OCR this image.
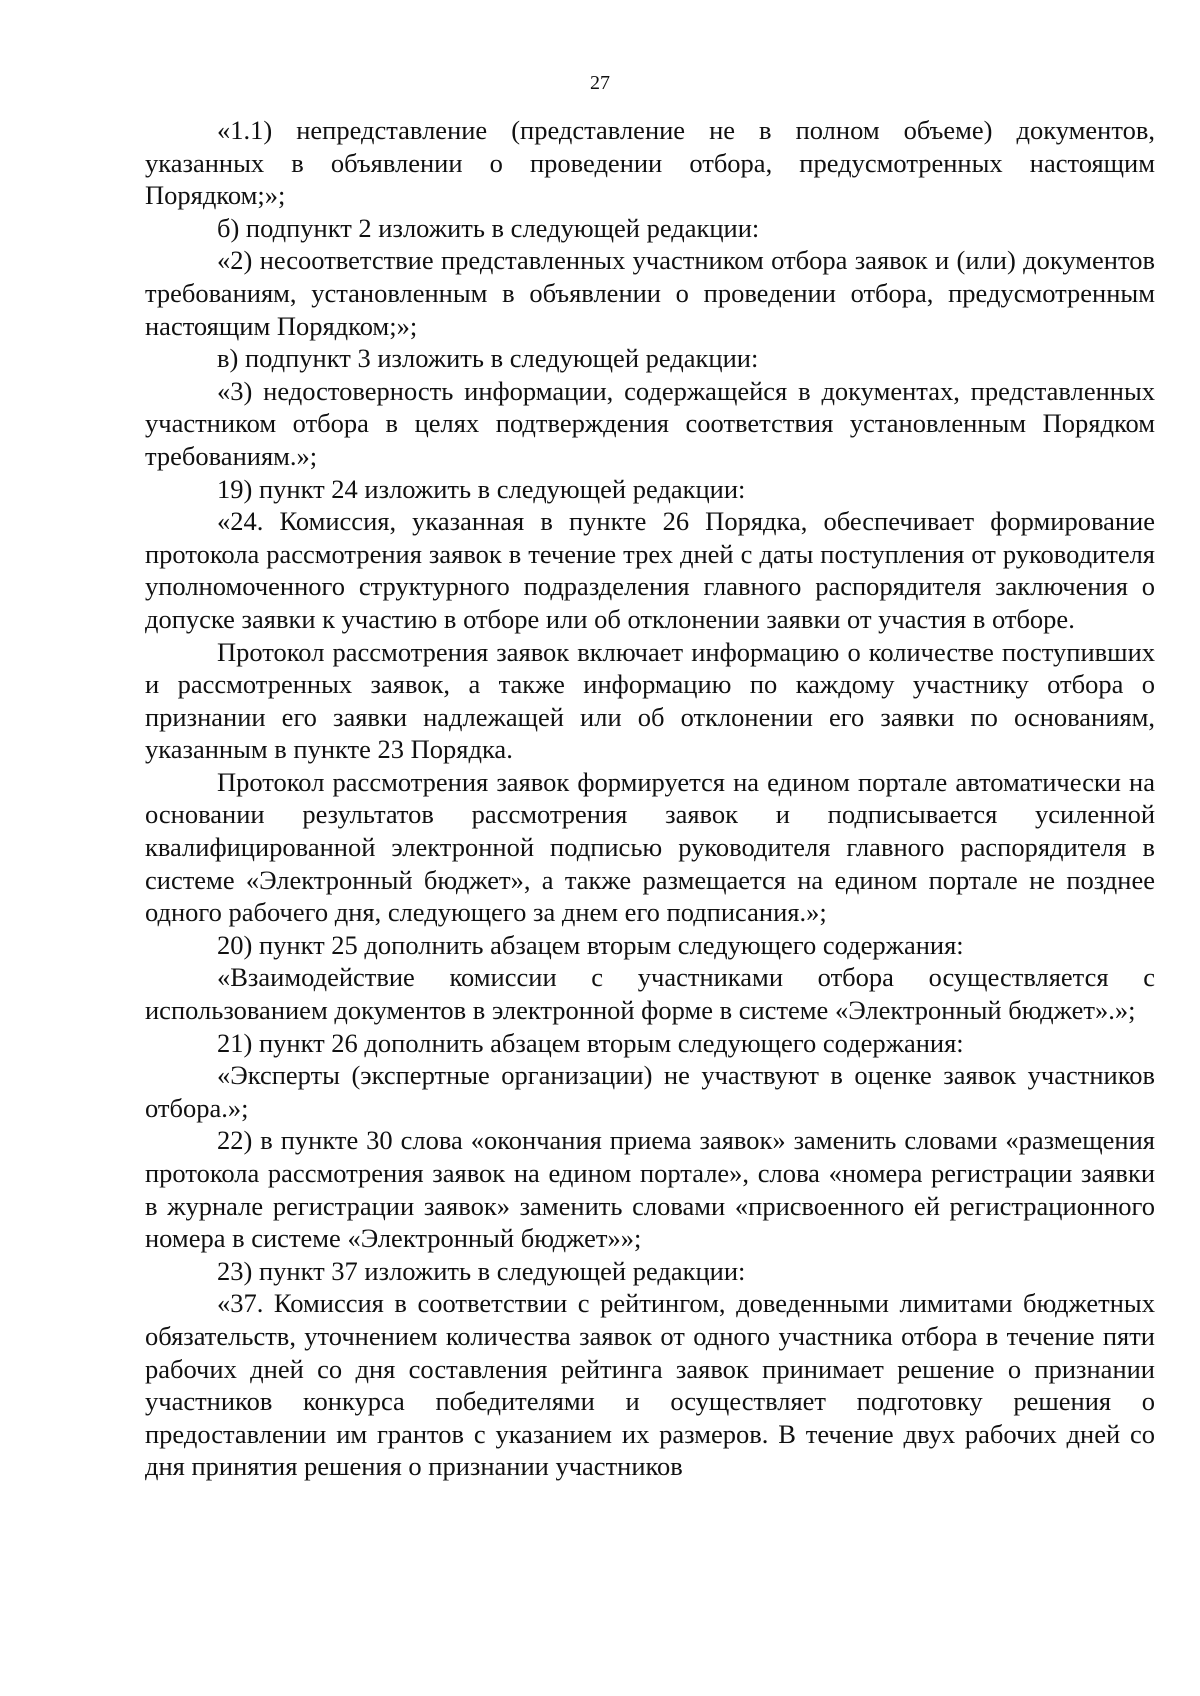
27

«1.1) непредставление (представление не в полном объеме) документов, указанных в объявлении о проведении отбора, предусмотренных настоящим Порядком;»;

б) подпункт 2 изложить в следующей редакции:

«2) несоответствие представленных участником отбора заявок и (или) документов требованиям, установленным в объявлении о проведении отбора, предусмотренным настоящим Порядком;»;

в) подпункт 3 изложить в следующей редакции:

«3) недостоверность информации, содержащейся в документах, представленных участником отбора в целях подтверждения соответствия установленным Порядком требованиям.»;

19) пункт 24 изложить в следующей редакции:

«24. Комиссия, указанная в пункте 26 Порядка, обеспечивает формирование протокола рассмотрения заявок в течение трех дней с даты поступления от руководителя уполномоченного структурного подразделения главного распорядителя заключения о допуске заявки к участию в отборе или об отклонении заявки от участия в отборе.

Протокол рассмотрения заявок включает информацию о количестве поступивших и рассмотренных заявок, а также информацию по каждому участнику отбора о признании его заявки надлежащей или об отклонении его заявки по основаниям, указанным в пункте 23 Порядка.

Протокол рассмотрения заявок формируется на едином портале автоматически на основании результатов рассмотрения заявок и подписывается усиленной квалифицированной электронной подписью руководителя главного распорядителя в системе «Электронный бюджет», а также размещается на едином портале не позднее одного рабочего дня, следующего за днем его подписания.»;

20) пункт 25 дополнить абзацем вторым следующего содержания:

«Взаимодействие комиссии с участниками отбора осуществляется с использованием документов в электронной форме в системе «Электронный бюджет».»;

21) пункт 26 дополнить абзацем вторым следующего содержания:

«Эксперты (экспертные организации) не участвуют в оценке заявок участников отбора.»;

22) в пункте 30 слова «окончания приема заявок» заменить словами «размещения протокола рассмотрения заявок на едином портале», слова «номера регистрации заявки в журнале регистрации заявок» заменить словами «присвоенного ей регистрационного номера в системе «Электронный бюджет»»;

23) пункт 37 изложить в следующей редакции:

«37. Комиссия в соответствии с рейтингом, доведенными лимитами бюджетных обязательств, уточнением количества заявок от одного участника отбора в течение пяти рабочих дней со дня составления рейтинга заявок принимает решение о признании участников конкурса победителями и осуществляет подготовку решения о предоставлении им грантов с указанием их размеров. В течение двух рабочих дней со дня принятия решения о признании участников
